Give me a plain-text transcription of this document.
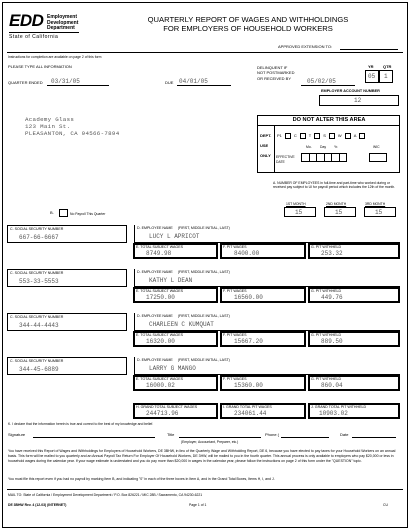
EDD Employment
Development
Department
State of California
QUARTERLY REPORT OF WAGES AND WITHHOLDINGS
FOR EMPLOYERS OF HOUSEHOLD WORKERS
APPROVED EXTENSION TO:
Instructions for completion are available on page 2 of this form
PLEASE TYPE ALL INFORMATION
QUARTER ENDED 03/31/05	DUE 04/01/05
DELINQUENT IF
NOT POSTMARKED
OR RECEIVED BY	05/02/05
YR QTR
05 1
EMPLOYER ACCOUNT NUMBER
12
Academy Glass
123 Main St.
PLEASANTON, CA 94566-7894
DO NOT ALTER THIS AREA
DEPT.
USE
ONLY
P1	C	T	S	W	A
Mo. Day Yr.	WIC
EFFECTIVE DATE
A. NUMBER OF EMPLOYEES in full-time and part-time who worked during or received pay subject to UI for payroll period which includes the 12th of the month.
1ST MONTH	2ND MONTH	3RD MONTH
15	15	15
B.	No Payroll This Quarter
C. SOCIAL SECURITY NUMBER
667-66-6667
D. EMPLOYEE NAME (FIRST, MIDDLE INITIAL, LAST)
LUCY L APRICOT
E. TOTAL SUBJECT WAGES
8749.98
F. PIT WAGES
8400.00
G. PIT WITHHELD
253.32
C. SOCIAL SECURITY NUMBER
553-33-5553
D. EMPLOYEE NAME (FIRST, MIDDLE INITIAL, LAST)
KATHY L DEAN
E. TOTAL SUBJECT WAGES
17250.00
F. PIT WAGES
16560.00
G. PIT WITHHELD
449.76
C. SOCIAL SECURITY NUMBER
344-44-4443
D. EMPLOYEE NAME (FIRST, MIDDLE INITIAL, LAST)
CHARLEEN C KUMQUAT
E. TOTAL SUBJECT WAGES
16320.00
F. PIT WAGES
15667.20
G. PIT WITHHELD
889.50
C. SOCIAL SECURITY NUMBER
344-45-6889
D. EMPLOYEE NAME (FIRST, MIDDLE INITIAL, LAST)
LARRY G MANGO
E. TOTAL SUBJECT WAGES
16000.02
F. PIT WAGES
15360.00
G. PIT WITHHELD
860.04
H. GRAND TOTAL SUBJECT WAGES
244713.96
I. GRAND TOTAL PIT WAGES
234061.44
J. GRAND TOTAL PIT WITHHELD
10903.02
K. I declare that the information herein is true and correct to the best of my knowledge and belief.
Signature	Title
(Employer, Accountant, Preparer, etc.)
Phone (	Date
You have received this Report of Wages and Withholdings for Employers of Household Workers, DE 3BHW, in lieu of the Quarterly Wage and Withholding Report, DE 6, because you have elected to pay taxes for your Household Workers on an annual basis. This form will be mailed to you quarterly and an Annual Payroll Tax Return For Employer Of Household Workers, DE 3HW, will be mailed to you in the fourth quarter. This annual process is only available to employers who pay $20,000 or less in household wages during the calendar year. If your wage estimate is understated and you do pay more than $20,000 in wages in the calendar year, please follow the instructions on page 2 of this form under the "QUESTION" topic.
You must file this report even if you had no payroll by marking Item B, and indicating "0" in each of the three boxes in Item A, and in the Grand Total Boxes, Items H, I, and J.
MAIL TO: State of California / Employment Development Department / P.O. Box 826221 / MIC 28B / Sacramento, CA 94230-6221
DE 3BHW Rev. 4 (12-03) (INTERNET)	Page 1 of 1	CU
